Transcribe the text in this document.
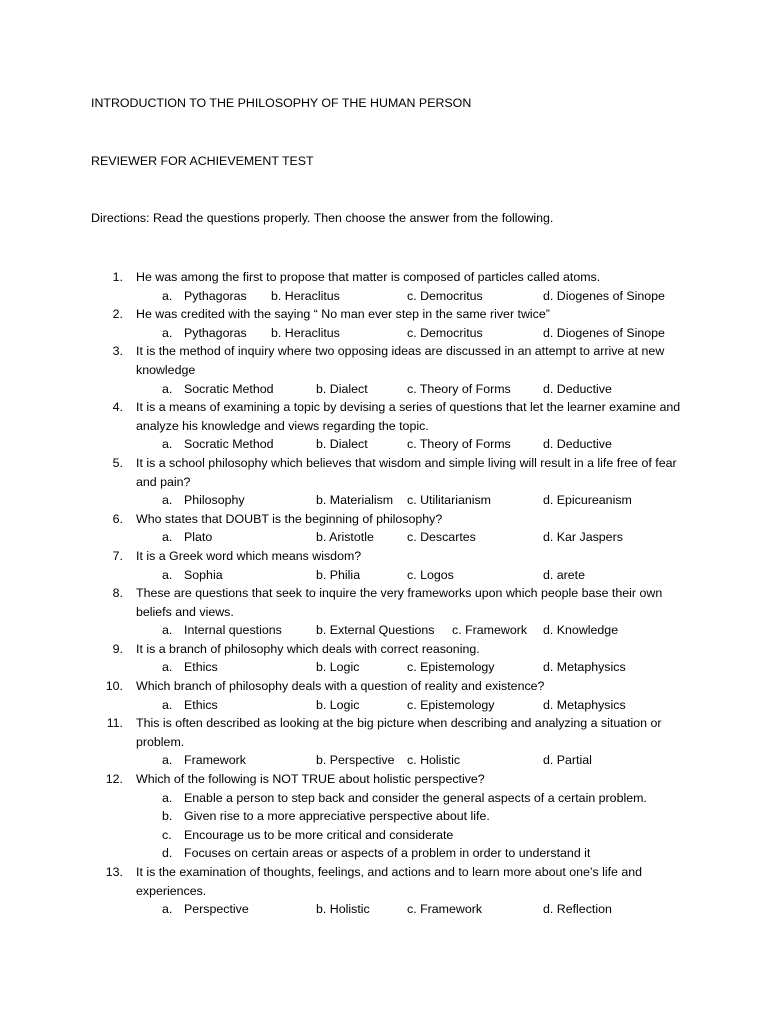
INTRODUCTION TO THE PHILOSOPHY OF THE HUMAN PERSON
REVIEWER FOR ACHIEVEMENT TEST
Directions: Read the questions properly. Then choose the answer from the following.
1. He was among the first to propose that matter is composed of particles called atoms.
a. Pythagoras b. Heraclitus	c. Democritus	d. Diogenes of Sinope
2. He was credited with the saying “ No man ever step in the same river twice”
a. Pythagoras b. Heraclitus	c. Democritus	d. Diogenes of Sinope
3. It is the method of inquiry where two opposing ideas are discussed in an attempt to arrive at new knowledge
a. Socratic Method	b. Dialect	c. Theory of Forms	d. Deductive
4. It is a means of examining a topic by devising a series of questions that let the learner examine and analyze his knowledge and views regarding the topic.
a. Socratic Method	b. Dialect	c. Theory of Forms	d. Deductive
5. It is a school philosophy which believes that wisdom and simple living will result in a life free of fear and pain?
a. Philosophy	b. Materialism c. Utilitarianism	d. Epicureanism
6. Who states that DOUBT is the beginning of philosophy?
a. Plato	b. Aristotle	c. Descartes	d. Kar Jaspers
7. It is a Greek word which means wisdom?
a. Sophia	b. Philia	c. Logos	d. arete
8. These are questions that seek to inquire the very frameworks upon which people base their own beliefs and views.
a. Internal questions	b. External Questions c. Framework d. Knowledge
9. It is a branch of philosophy which deals with correct reasoning.
a. Ethics	b. Logic	c. Epistemology	d. Metaphysics
10. Which branch of philosophy deals with a question of reality and existence?
a. Ethics	b. Logic	c. Epistemology	d. Metaphysics
11. This is often described as looking at the big picture when describing and analyzing a situation or problem.
a. Framework	b. Perspective c. Holistic	d. Partial
12. Which of the following is NOT TRUE about holistic perspective?
a. Enable a person to step back and consider the general aspects of a certain problem.
b. Given rise to a more appreciative perspective about life.
c. Encourage us to be more critical and considerate
d. Focuses on certain areas or aspects of a problem in order to understand it
13. It is the examination of thoughts, feelings, and actions and to learn more about one’s life and experiences.
a. Perspective	b. Holistic	c. Framework	d. Reflection
